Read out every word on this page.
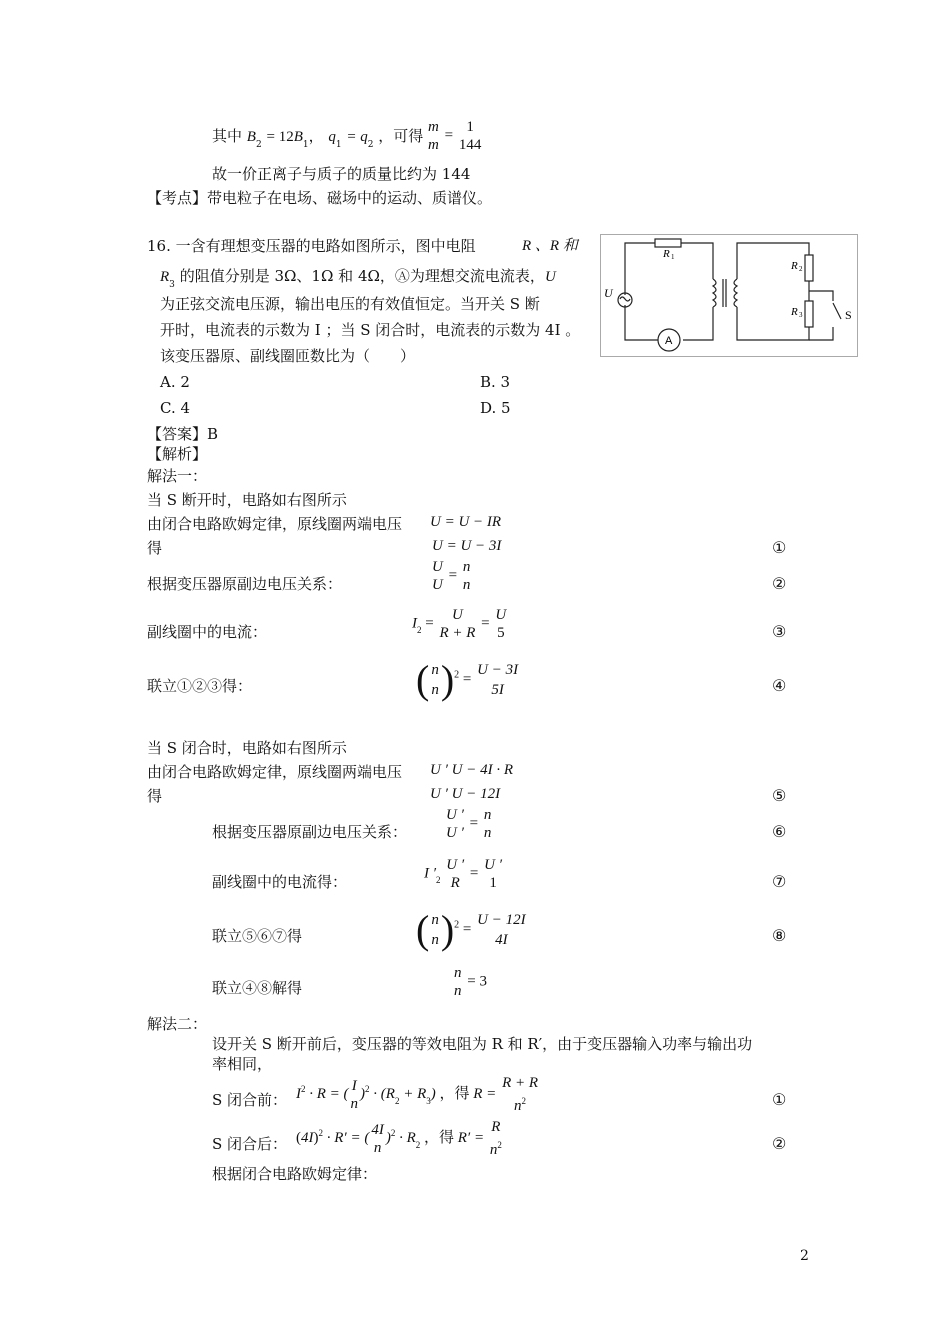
其中 $B_2 = 12B_1$， $q_1 = q_2$ ，可得 m
m
=
1
144
故一价正离子与质子的质量比约为 144
【考点】带电粒子在电场、磁场中的运动、质谱仪。
16. 一含有理想变压器的电路如图所示，图中电阻	R 、R 和
$R_3$ 的阻值分别是 3Ω、1Ω 和 4Ω，Ⓐ为理想交流电流表，U
为正弦交流电压源，输出电压的有效值恒定。当开关 S 断
开时，电流表的示数为 I ；当 S 闭合时，电流表的示数为 4I 。
该变压器原、副线圈匝数比为（　　）
A. 2	B. 3
C. 4	D. 5
R 1
R 2
R 3
U
S
A
【答案】B
【解析】
解法一：
当 S 断开时，电路如右图所示
由闭合电路欧姆定律，原线圈两端电压 U = U − IR
得	U = U − 3I	①
根据变压器原副边电压关系：
U
U
=
n
n	②
副线圈中的电流：	$I_2$ =
U
R + R
=
U
5	③
联立①②③得：	( n
n )$^2$ =
U − 3I
5I	④
当 S 闭合时，电路如右图所示
由闭合电路欧姆定律，原线圈两端电压 U ′ U − 4I · R
得	U ′ U − 12I	⑤
根据变压器原副边电压关系：
U ′
U ′
=
n
n	⑥
副线圈中的电流得：	I $'_2$
U ′
R
=
U ′
1	⑦
联立⑤⑥⑦得	( n
n )$^2$ =
U − 12I
4I	⑧
联立④⑧解得
n
n
= 3
解法二：
设开关 S 断开前后，变压器的等效电阻为 R 和 R′，由于变压器输入功率与输出功
率相同，
S 闭合前： $I^2 \cdot R$ = (
I
n
)$^2 \cdot (R_2 + R_3)$ ，得 R =
R + R
$n^2$	①
S 闭合后： $(4I)^2 \cdot R'$ = (
4I
n
)$^2 \cdot R_2$ ，得 R′ =
R
$n^2$	②
根据闭合电路欧姆定律：
2
